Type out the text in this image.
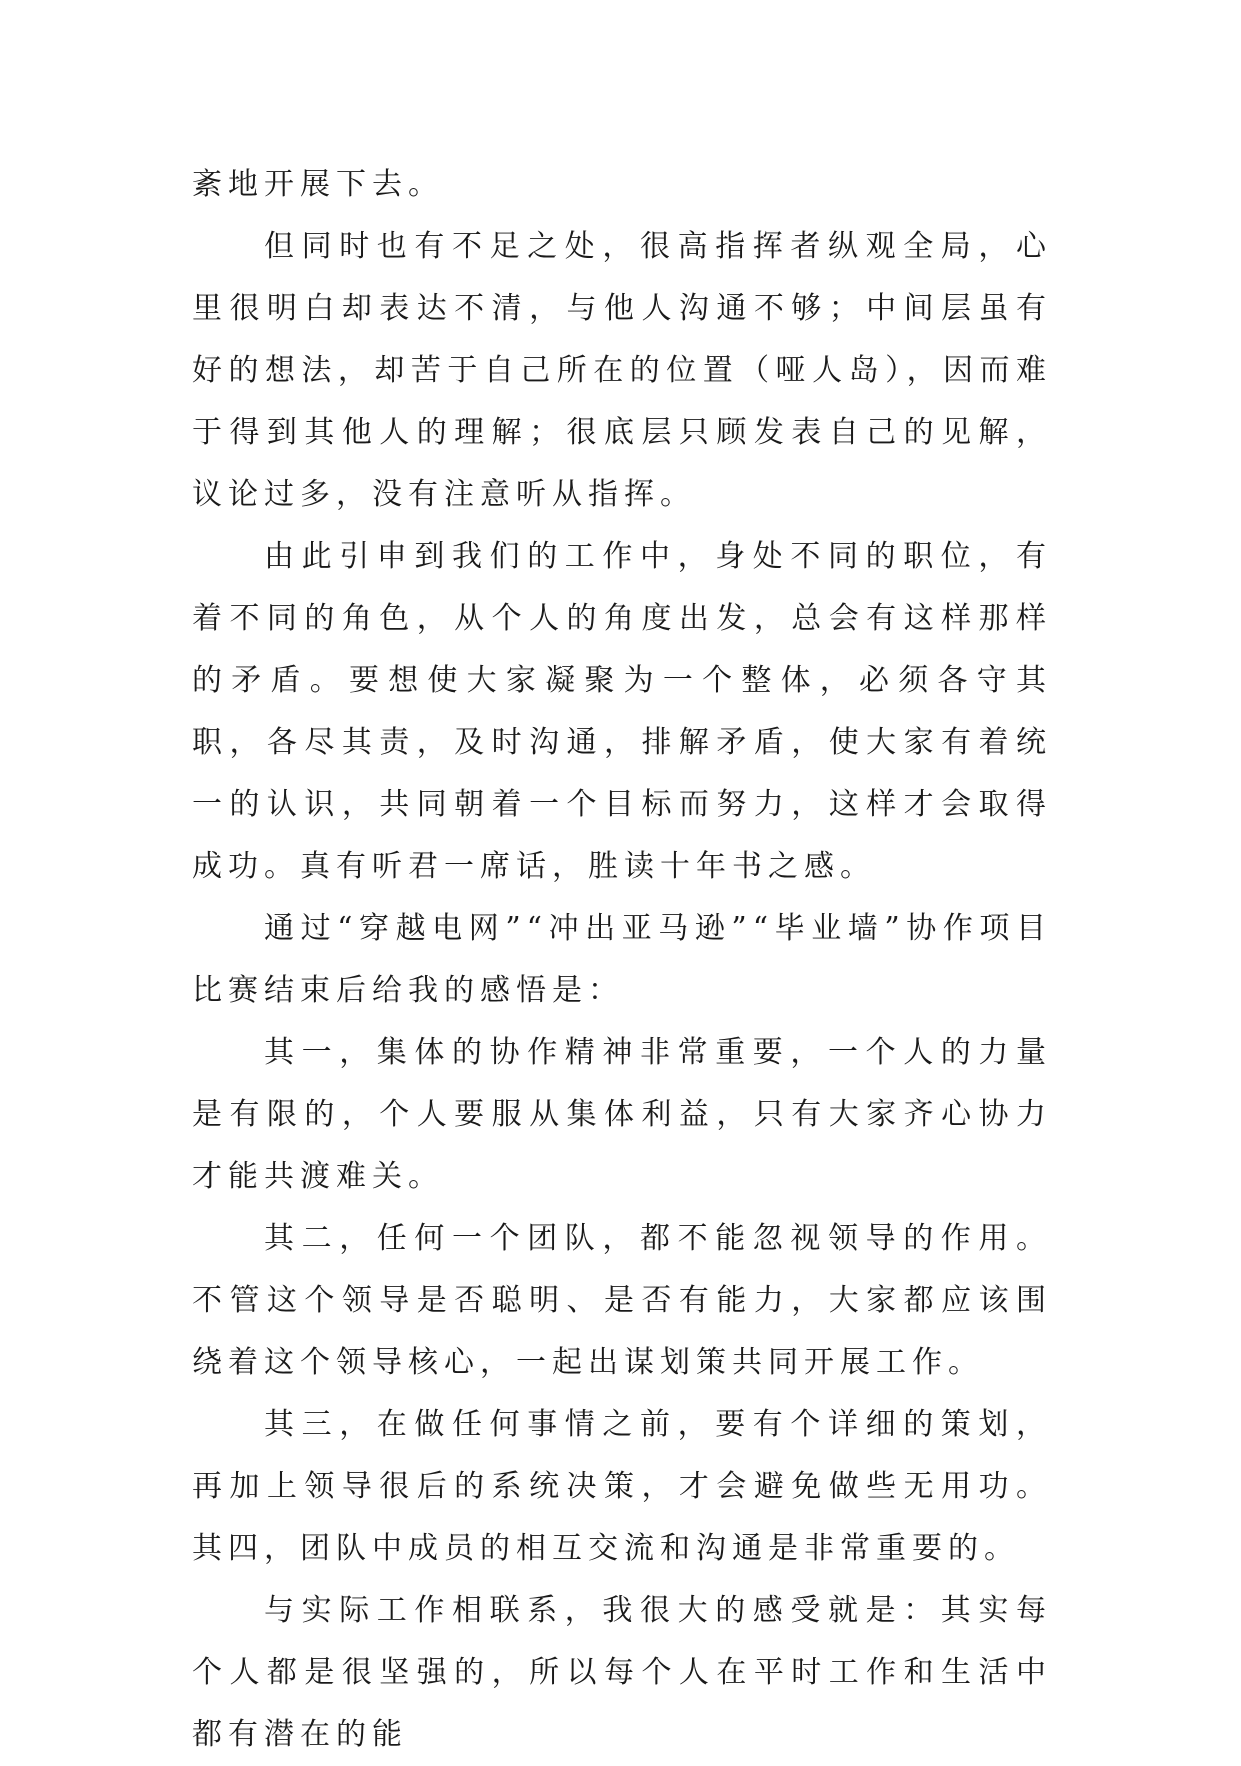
紊地开展下去。

但同时也有不足之处，很高指挥者纵观全局，心里很明白却表达不清，与他人沟通不够；中间层虽有好的想法，却苦于自己所在的位置（哑人岛），因而难于得到其他人的理解；很底层只顾发表自己的见解，议论过多，没有注意听从指挥。

由此引申到我们的工作中，身处不同的职位，有着不同的角色，从个人的角度出发，总会有这样那样的矛盾。要想使大家凝聚为一个整体，必须各守其职，各尽其责，及时沟通，排解矛盾，使大家有着统一的认识，共同朝着一个目标而努力，这样才会取得成功。真有听君一席话，胜读十年书之感。

通过“穿越电网”“冲出亚马逊”“毕业墙”协作项目比赛结束后给我的感悟是：

其一，集体的协作精神非常重要，一个人的力量是有限的，个人要服从集体利益，只有大家齐心协力才能共渡难关。

其二，任何一个团队，都不能忽视领导的作用。不管这个领导是否聪明、是否有能力，大家都应该围绕着这个领导核心，一起出谋划策共同开展工作。

其三，在做任何事情之前，要有个详细的策划，再加上领导很后的系统决策，才会避免做些无用功。其四，团队中成员的相互交流和沟通是非常重要的。

与实际工作相联系，我很大的感受就是：其实每个人都是很坚强的，所以每个人在平时工作和生活中都有潜在的能
